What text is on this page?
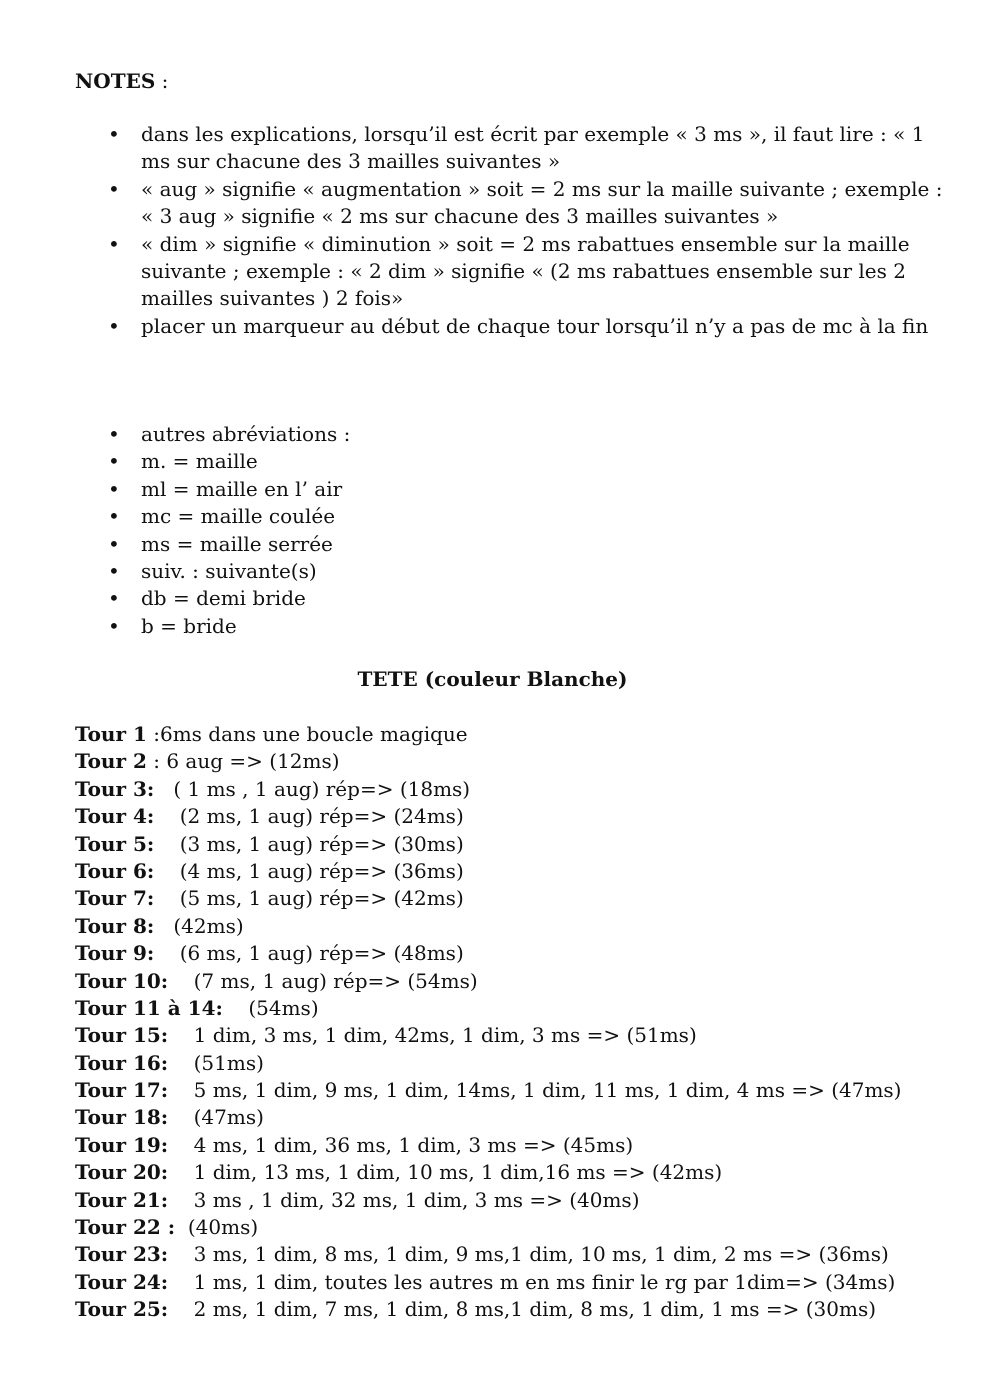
NOTES :
• dans les explications, lorsqu’il est écrit par exemple « 3 ms », il faut lire : « 1
ms sur chacune des 3 mailles suivantes »
• « aug » signifie « augmentation » soit = 2 ms sur la maille suivante ; exemple :
« 3 aug » signifie « 2 ms sur chacune des 3 mailles suivantes »
• « dim » signifie « diminution » soit = 2 ms rabattues ensemble sur la maille
suivante ; exemple : « 2 dim » signifie « (2 ms rabattues ensemble sur les 2
mailles suivantes ) 2 fois»
• placer un marqueur au début de chaque tour lorsqu’il n’y a pas de mc à la fin
• autres abréviations :
• m. = maille
• ml = maille en l’ air
• mc = maille coulée
• ms = maille serrée
• suiv. : suivante(s)
• db = demi bride
• b = bride
TETE (couleur Blanche)
Tour 1 :6ms dans une boucle magique
Tour 2 : 6 aug => (12ms)
Tour 3:   ( 1 ms , 1 aug) rép=> (18ms)
Tour 4:    (2 ms, 1 aug) rép=> (24ms)
Tour 5:    (3 ms, 1 aug) rép=> (30ms)
Tour 6:    (4 ms, 1 aug) rép=> (36ms)
Tour 7:    (5 ms, 1 aug) rép=> (42ms)
Tour 8:   (42ms)
Tour 9:    (6 ms, 1 aug) rép=> (48ms)
Tour 10:    (7 ms, 1 aug) rép=> (54ms)
Tour 11 à 14:    (54ms)
Tour 15:    1 dim, 3 ms, 1 dim, 42ms, 1 dim, 3 ms => (51ms)
Tour 16:    (51ms)
Tour 17:    5 ms, 1 dim, 9 ms, 1 dim, 14ms, 1 dim, 11 ms, 1 dim, 4 ms => (47ms)
Tour 18:    (47ms)
Tour 19:    4 ms, 1 dim, 36 ms, 1 dim, 3 ms => (45ms)
Tour 20:    1 dim, 13 ms, 1 dim, 10 ms, 1 dim,16 ms => (42ms)
Tour 21:    3 ms , 1 dim, 32 ms, 1 dim, 3 ms => (40ms)
Tour 22 :  (40ms)
Tour 23:    3 ms, 1 dim, 8 ms, 1 dim, 9 ms,1 dim, 10 ms, 1 dim, 2 ms => (36ms)
Tour 24:    1 ms, 1 dim, toutes les autres m en ms finir le rg par 1dim=> (34ms)
Tour 25:    2 ms, 1 dim, 7 ms, 1 dim, 8 ms,1 dim, 8 ms, 1 dim, 1 ms => (30ms)
